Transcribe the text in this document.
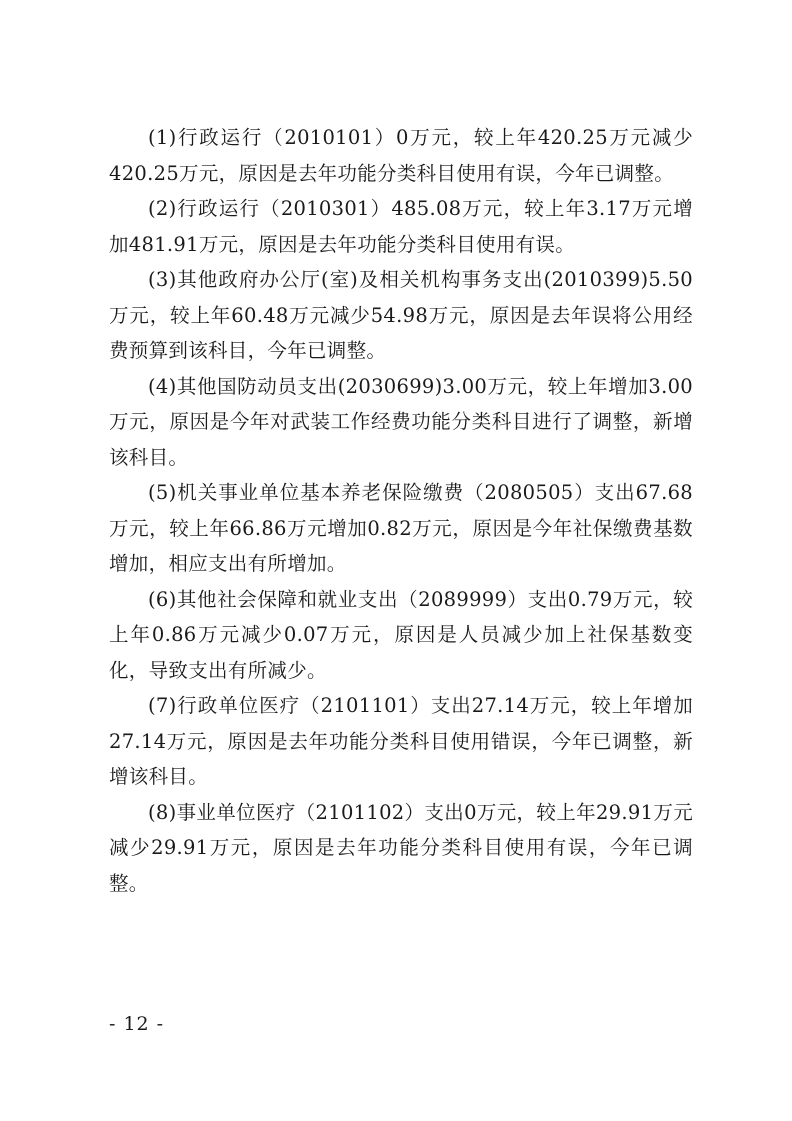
(1)行政运行（2010101）0万元，较上年420.25万元减少420.25万元，原因是去年功能分类科目使用有误，今年已调整。

(2)行政运行（2010301）485.08万元，较上年3.17万元增加481.91万元，原因是去年功能分类科目使用有误。

(3)其他政府办公厅(室)及相关机构事务支出(2010399)5.50万元，较上年60.48万元减少54.98万元，原因是去年误将公用经费预算到该科目，今年已调整。

(4)其他国防动员支出(2030699)3.00万元，较上年增加3.00万元，原因是今年对武装工作经费功能分类科目进行了调整，新增该科目。

(5)机关事业单位基本养老保险缴费（2080505）支出67.68万元，较上年66.86万元增加0.82万元，原因是今年社保缴费基数增加，相应支出有所增加。

(6)其他社会保障和就业支出（2089999）支出0.79万元，较上年0.86万元减少0.07万元，原因是人员减少加上社保基数变化，导致支出有所减少。

(7)行政单位医疗（2101101）支出27.14万元，较上年增加27.14万元，原因是去年功能分类科目使用错误，今年已调整，新增该科目。

(8)事业单位医疗（2101102）支出0万元，较上年29.91万元减少29.91万元，原因是去年功能分类科目使用有误，今年已调整。

- 12 -
